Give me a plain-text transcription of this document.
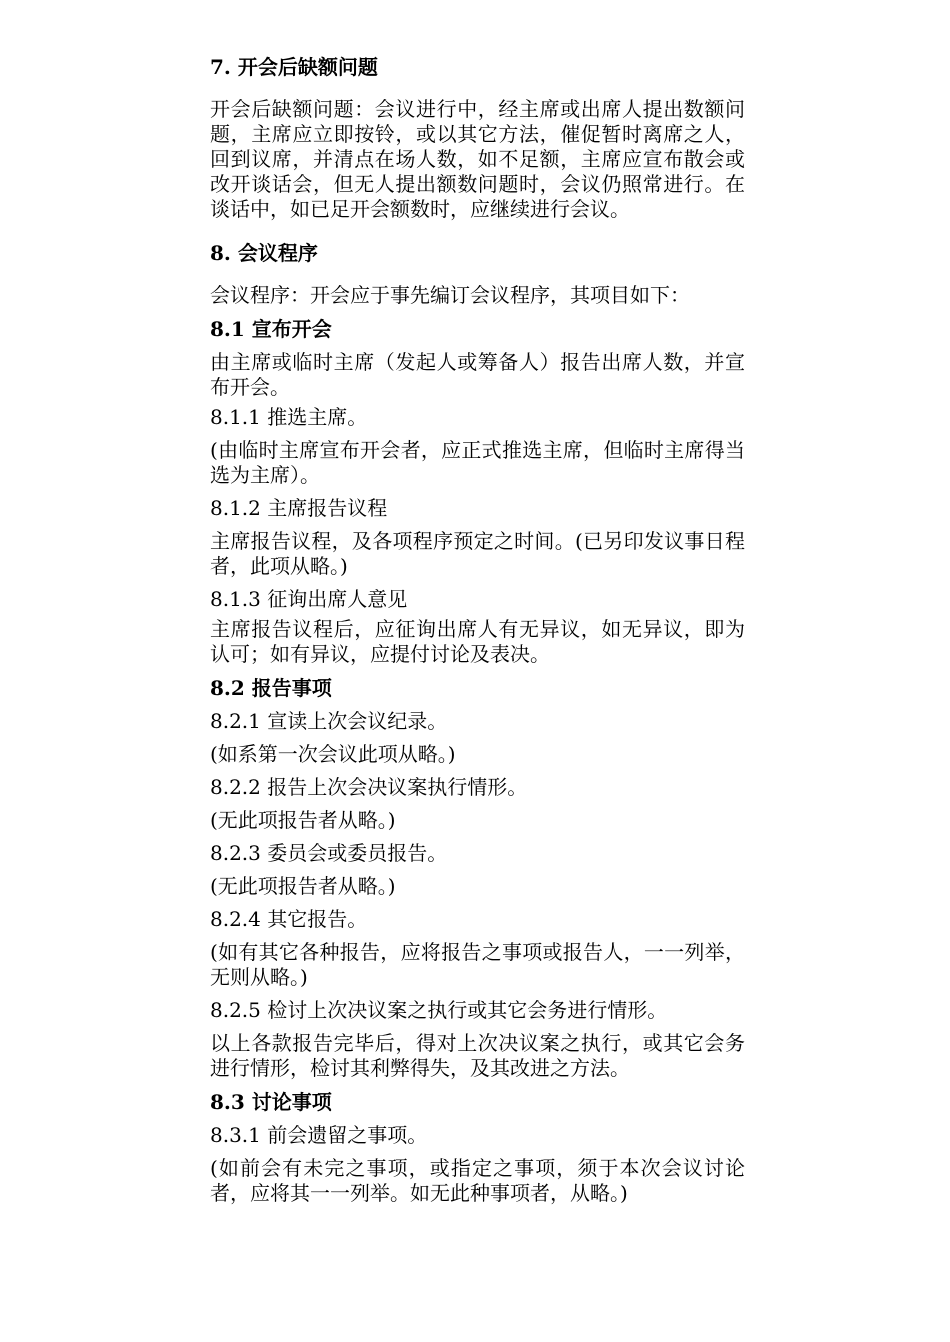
7. 开会后缺额问题
开会后缺额问题：会议进行中，经主席或出席人提出数额问题，主席应立即按铃，或以其它方法，催促暂时离席之人，回到议席，并清点在场人数，如不足额，主席应宣布散会或改开谈话会，但无人提出额数问题时，会议仍照常进行。在谈话中，如已足开会额数时，应继续进行会议。
8. 会议程序
会议程序：开会应于事先编订会议程序，其项目如下：
8.1 宣布开会
由主席或临时主席（发起人或筹备人）报告出席人数，并宣布开会。
8.1.1 推选主席。
(由临时主席宣布开会者，应正式推选主席，但临时主席得当选为主席）。
8.1.2 主席报告议程
主席报告议程，及各项程序预定之时间。(已另印发议事日程者，此项从略。)
8.1.3 征询出席人意见
主席报告议程后，应征询出席人有无异议，如无异议，即为认可；如有异议，应提付讨论及表决。
8.2 报告事项
8.2.1 宣读上次会议纪录。
(如系第一次会议此项从略。)
8.2.2 报告上次会决议案执行情形。
(无此项报告者从略。)
8.2.3 委员会或委员报告。
(无此项报告者从略。)
8.2.4 其它报告。
(如有其它各种报告，应将报告之事项或报告人，一一列举，无则从略。)
8.2.5 检讨上次决议案之执行或其它会务进行情形。
以上各款报告完毕后，得对上次决议案之执行，或其它会务进行情形，检讨其利弊得失，及其改进之方法。
8.3 讨论事项
8.3.1 前会遗留之事项。
(如前会有未完之事项，或指定之事项，须于本次会议讨论者，应将其一一列举。如无此种事项者，从略。)
